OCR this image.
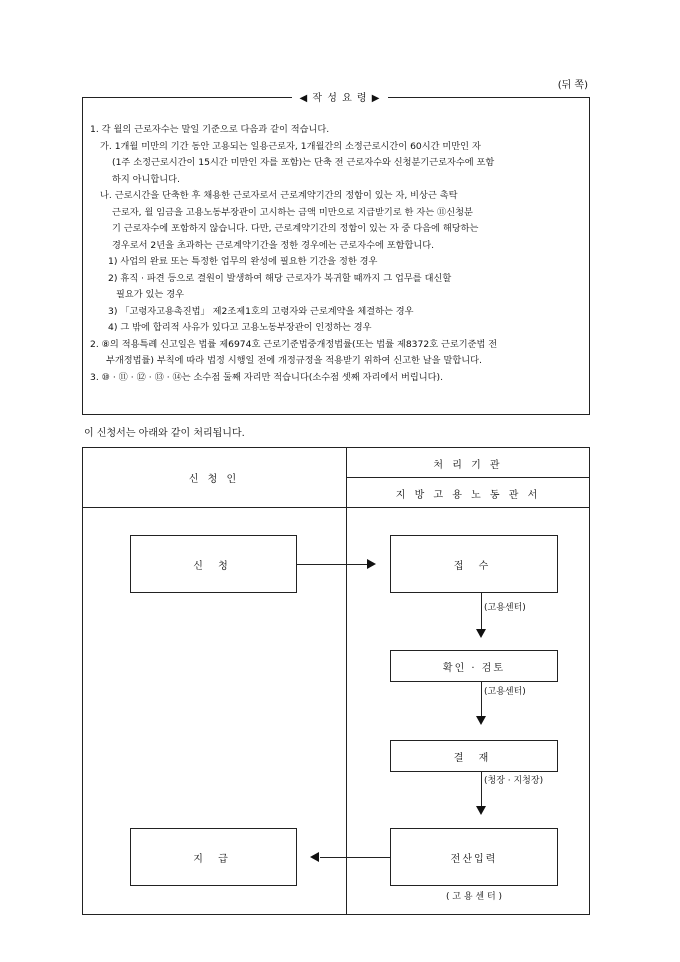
(뒤 쪽)
◀ 작 성 요 령 ▶
1. 각 월의 근로자수는 말일 기준으로 다음과 같이 적습니다.
가. 1개월 미만의 기간 동안 고용되는 일용근로자, 1개월간의 소정근로시간이 60시간 미만인 자
(1주 소정근로시간이 15시간 미만인 자를 포함)는 단축 전 근로자수와 신청분기근로자수에 포함
하지 아니합니다.
나. 근로시간을 단축한 후 채용한 근로자로서 근로계약기간의 정함이 있는 자, 비상근 촉탁
근로자, 월 임금을 고용노동부장관이 고시하는 금액 미만으로 지급받기로 한 자는 ⑪신청분
기 근로자수에 포함하지 않습니다. 다만, 근로계약기간의 정함이 있는 자 중 다음에 해당하는
경우로서 2년을 초과하는 근로계약기간을 정한 경우에는 근로자수에 포함합니다.
1) 사업의 완료 또는 특정한 업무의 완성에 필요한 기간을 정한 경우
2) 휴직 · 파견 등으로 결원이 발생하여 해당 근로자가 복귀할 때까지 그 업무를 대신할
필요가 있는 경우
3) 「고령자고용촉진법」 제2조제1호의 고령자와 근로계약을 체결하는 경우
4) 그 밖에 합리적 사유가 있다고 고용노동부장관이 인정하는 경우
2. ⑧의 적용특례 신고일은 법률 제6974호 근로기준법중개정법률(또는 법률 제8372호 근로기준법 전
부개정법률) 부칙에 따라 법정 시행일 전에 개정규정을 적용받기 위하여 신고한 날을 말합니다.
3. ⑩ · ⑪ · ⑫ · ⑬ · ⑭는 소수점 둘째 자리만 적습니다(소수점 셋째 자리에서 버립니다).
이 신청서는 아래와 같이 처리됩니다.
신 청 인
처 리 기 관
지 방 고 용 노 동 관 서
신 청	접 수
(고용센터)
확인 · 검토
(고용센터)
결 재
(청장 · 지청장)
전산입력
( 고 용 센 터 )
지 급
